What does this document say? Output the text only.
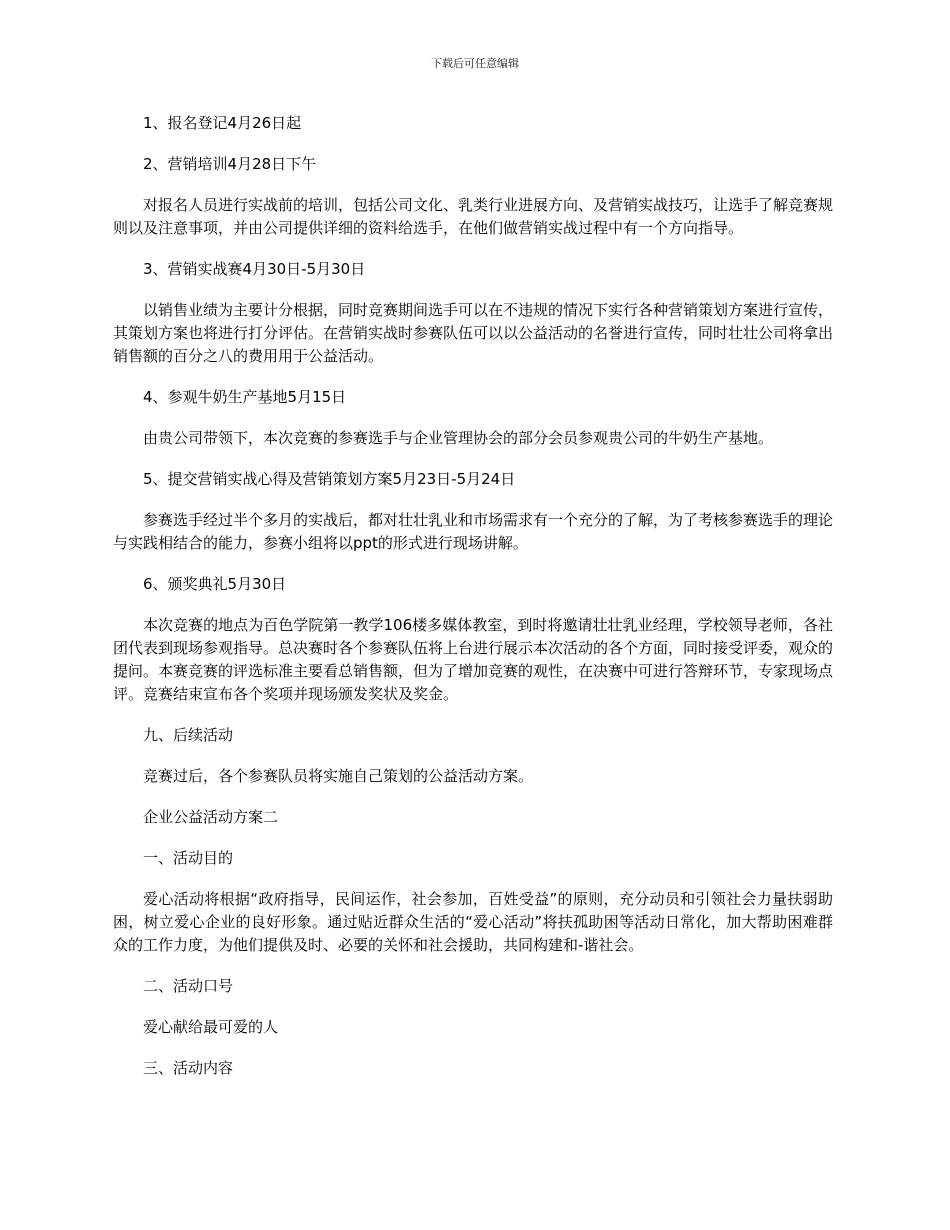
下载后可任意编辑

1、报名登记4月26日起

2、营销培训4月28日下午

对报名人员进行实战前的培训，包括公司文化、乳类行业进展方向、及营销实战技巧，让选手了解竞赛规则以及注意事项，并由公司提供详细的资料给选手，在他们做营销实战过程中有一个方向指导。

3、营销实战赛4月30日-5月30日

以销售业绩为主要计分根据，同时竞赛期间选手可以在不违规的情况下实行各种营销策划方案进行宣传，其策划方案也将进行打分评估。在营销实战时参赛队伍可以以公益活动的名誉进行宣传，同时壮壮公司将拿出销售额的百分之八的费用用于公益活动。

4、参观牛奶生产基地5月15日

由贵公司带领下，本次竞赛的参赛选手与企业管理协会的部分会员参观贵公司的牛奶生产基地。

5、提交营销实战心得及营销策划方案5月23日-5月24日

参赛选手经过半个多月的实战后，都对壮壮乳业和市场需求有一个充分的了解，为了考核参赛选手的理论与实践相结合的能力，参赛小组将以ppt的形式进行现场讲解。

6、颁奖典礼5月30日

本次竞赛的地点为百色学院第一教学106楼多媒体教室，到时将邀请壮壮乳业经理，学校领导老师，各社团代表到现场参观指导。总决赛时各个参赛队伍将上台进行展示本次活动的各个方面，同时接受评委，观众的提问。本赛竞赛的评选标准主要看总销售额，但为了增加竞赛的观性，在决赛中可进行答辩环节，专家现场点评。竞赛结束宣布各个奖项并现场颁发奖状及奖金。

九、后续活动

竞赛过后，各个参赛队员将实施自己策划的公益活动方案。

企业公益活动方案二

一、活动目的

爱心活动将根据“政府指导，民间运作，社会参加，百姓受益”的原则，充分动员和引领社会力量扶弱助困，树立爱心企业的良好形象。通过贴近群众生活的“爱心活动”将扶孤助困等活动日常化，加大帮助困难群众的工作力度，为他们提供及时、必要的关怀和社会援助，共同构建和-谐社会。

二、活动口号

爱心献给最可爱的人

三、活动内容
